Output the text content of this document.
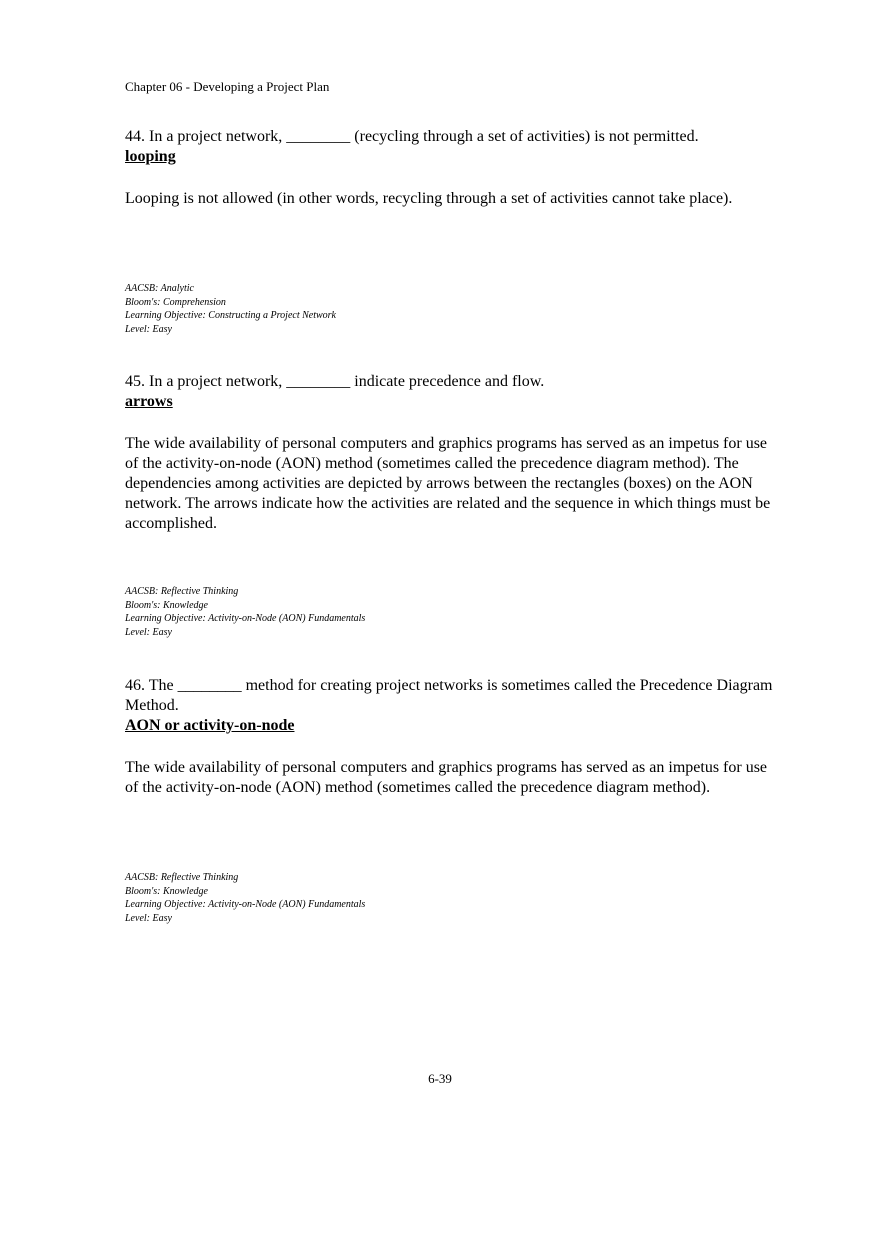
Chapter 06 - Developing a Project Plan

44. In a project network, ________ (recycling through a set of activities) is not permitted.

looping

Looping is not allowed (in other words, recycling through a set of activities cannot take place).

AACSB: Analytic
Bloom's: Comprehension
Learning Objective: Constructing a Project Network
Level: Easy

45. In a project network, ________ indicate precedence and flow.

arrows

The wide availability of personal computers and graphics programs has served as an impetus for use of the activity-on-node (AON) method (sometimes called the precedence diagram method). The dependencies among activities are depicted by arrows between the rectangles (boxes) on the AON network. The arrows indicate how the activities are related and the sequence in which things must be accomplished.

AACSB: Reflective Thinking
Bloom's: Knowledge
Learning Objective: Activity-on-Node (AON) Fundamentals
Level: Easy

46. The ________ method for creating project networks is sometimes called the Precedence Diagram Method.

AON or activity-on-node

The wide availability of personal computers and graphics programs has served as an impetus for use of the activity-on-node (AON) method (sometimes called the precedence diagram method).

AACSB: Reflective Thinking
Bloom's: Knowledge
Learning Objective: Activity-on-Node (AON) Fundamentals
Level: Easy
6-39
